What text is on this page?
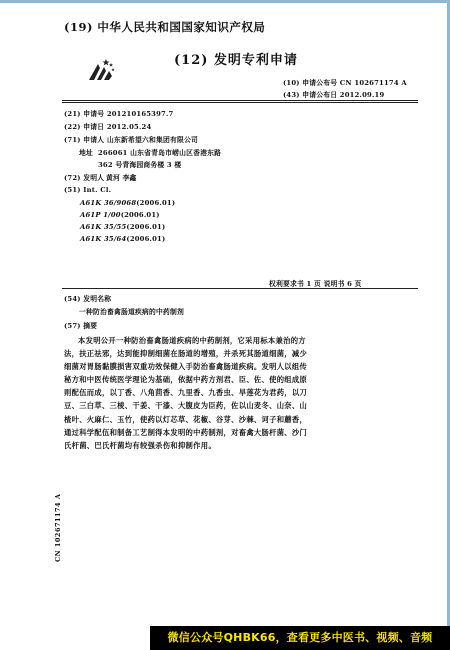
(19) 中华人民共和国国家知识产权局
(12) 发明专利申请
(10) 申请公布号 CN 102671174 A
(43) 申请公布日 2012.09.19
(21) 申请号 201210165397.7
(22) 申请日 2012.05.24
(71) 申请人 山东新希望六和集团有限公司
地址 266061 山东省青岛市崂山区香港东路
362 号青海园商务楼 3 楼
(72) 发明人 黄河 李鑫
(51) Int. Cl.
A61K 36/9068(2006.01)
A61P 1/00(2006.01)
A61K 35/55(2006.01)
A61K 35/64(2006.01)
权利要求书 1 页 说明书 6 页
(54) 发明名称
一种防治畜禽肠道疾病的中药制剂
(57) 摘要
本发明公开一种防治畜禽肠道疾病的中药制剂，它采用标本兼治的方法，扶正祛邪，达到能抑制细菌在肠道的增殖，并杀死其肠道细菌，减少细菌对胃肠黏膜损害双重功效保健入手防治畜禽肠道疾病。发明人以组传秘方和中医传统医学理论为基础，依据中药方剂君、臣、佐、使的组成原则配伍而成，以丁香、八角茴香、九里香、九香虫、旱莲花为君药，以刀豆、三白草、三棱、干姜、干漆、大腹皮为臣药，佐以山麦冬、山奈、山楂叶、火麻仁、玉竹，使药以灯芯草、花椒、谷芽、沙棘、诃子和蘑香，通过科学配伍和制备工艺制得本发明的中药制剂，对畜禽大肠杆菌、沙门氏杆菌、巴氏杆菌均有较强杀伤和抑制作用。
CN 102671174 A
微信公众号QHBK66，查看更多中医书、视频、音频
